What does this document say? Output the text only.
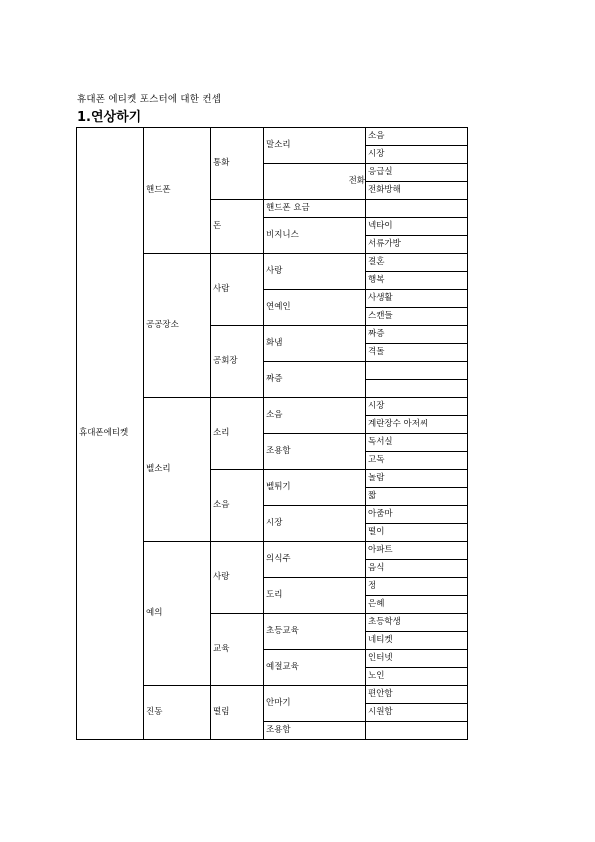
휴대폰 에티켓 포스터에 대한 컨셉
1.연상하기
휴대폰에티켓	핸드폰	통화	말소리	소음
				시장
			전화	응급실
				전화방해
		돈	핸드폰 요금	
			비지니스	넥타이
				서류가방
	공공장소	사람	사랑	결혼
				행복
			연예인	사생활
				스캔들
		공회장	화냄	짜증
				격돌
			짜증	

	벨소리	소리	소음	시장
				계란장수 아저씨
			조용함	독서실
				고독
		소음	벨튀기	놀람
				짧
			시장	아줌마
				떨이
	예의	사랑	의식주	아파트
				음식
			도리	정
				은혜
		교육	초등교육	초등학생
				네티켓
			예절교육	인터넷
				노인
	진동	떨림	안마기	편안함
				시원함
			조용함	
